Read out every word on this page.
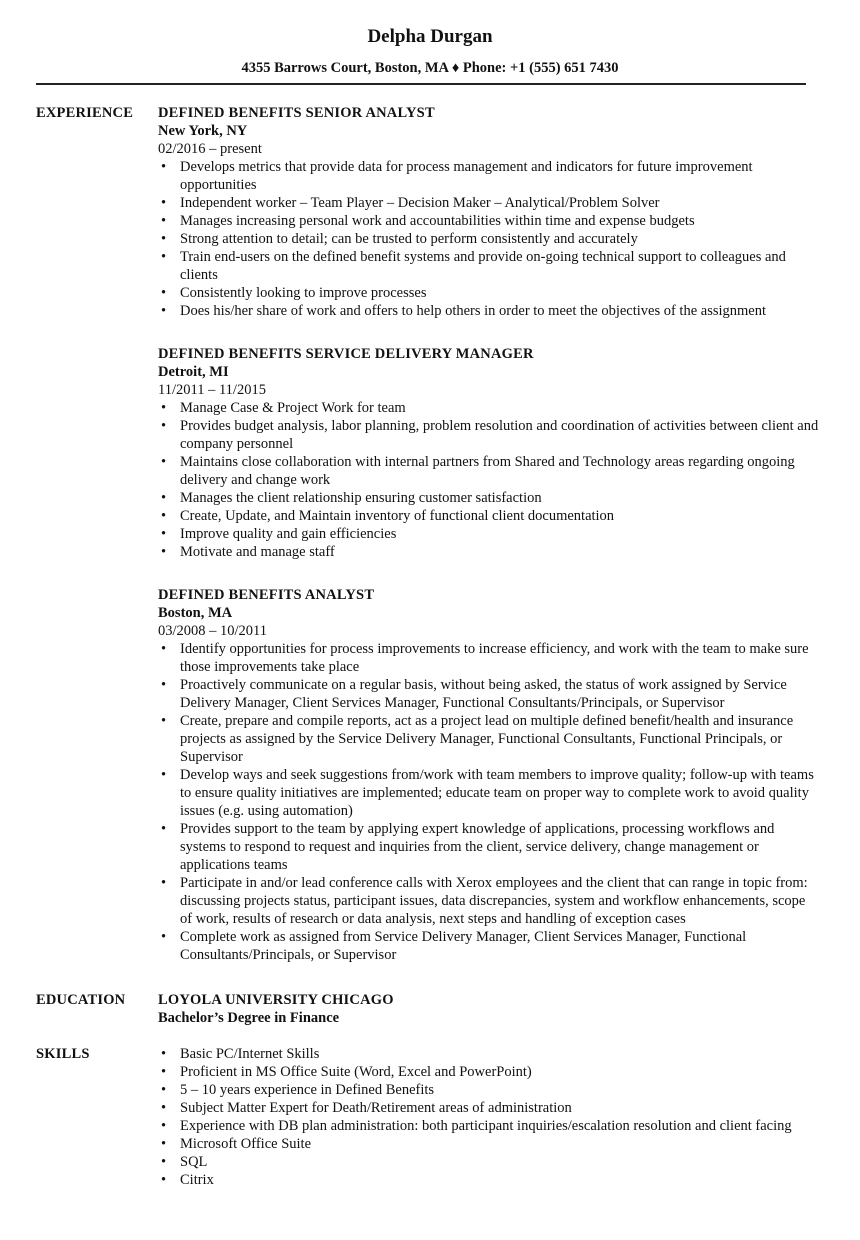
Delpha Durgan
4355 Barrows Court, Boston, MA ♦ Phone: +1 (555) 651 7430
EXPERIENCE DEFINED BENEFITS SENIOR ANALYST
New York, NY
02/2016 – present
• Develops metrics that provide data for process management and indicators for future improvement opportunities
• Independent worker – Team Player – Decision Maker – Analytical/Problem Solver
• Manages increasing personal work and accountabilities within time and expense budgets
• Strong attention to detail; can be trusted to perform consistently and accurately
• Train end-users on the defined benefit systems and provide on-going technical support to colleagues and clients
• Consistently looking to improve processes
• Does his/her share of work and offers to help others in order to meet the objectives of the assignment
DEFINED BENEFITS SERVICE DELIVERY MANAGER
Detroit, MI
11/2011 – 11/2015
• Manage Case & Project Work for team
• Provides budget analysis, labor planning, problem resolution and coordination of activities between client and company personnel
• Maintains close collaboration with internal partners from Shared and Technology areas regarding ongoing delivery and change work
• Manages the client relationship ensuring customer satisfaction
• Create, Update, and Maintain inventory of functional client documentation
• Improve quality and gain efficiencies
• Motivate and manage staff
DEFINED BENEFITS ANALYST
Boston, MA
03/2008 – 10/2011
• Identify opportunities for process improvements to increase efficiency, and work with the team to make sure those improvements take place
• Proactively communicate on a regular basis, without being asked, the status of work assigned by Service Delivery Manager, Client Services Manager, Functional Consultants/Principals, or Supervisor
• Create, prepare and compile reports, act as a project lead on multiple defined benefit/health and insurance projects as assigned by the Service Delivery Manager, Functional Consultants, Functional Principals, or Supervisor
• Develop ways and seek suggestions from/work with team members to improve quality; follow-up with teams to ensure quality initiatives are implemented; educate team on proper way to complete work to avoid quality issues (e.g. using automation)
• Provides support to the team by applying expert knowledge of applications, processing workflows and systems to respond to request and inquiries from the client, service delivery, change management or applications teams
• Participate in and/or lead conference calls with Xerox employees and the client that can range in topic from: discussing projects status, participant issues, data discrepancies, system and workflow enhancements, scope of work, results of research or data analysis, next steps and handling of exception cases
• Complete work as assigned from Service Delivery Manager, Client Services Manager, Functional Consultants/Principals, or Supervisor
EDUCATION LOYOLA UNIVERSITY CHICAGO
Bachelor’s Degree in Finance
SKILLS	• Basic PC/Internet Skills
• Proficient in MS Office Suite (Word, Excel and PowerPoint)
• 5 – 10 years experience in Defined Benefits
• Subject Matter Expert for Death/Retirement areas of administration
• Experience with DB plan administration: both participant inquiries/escalation resolution and client facing
• Microsoft Office Suite
• SQL
• Citrix
